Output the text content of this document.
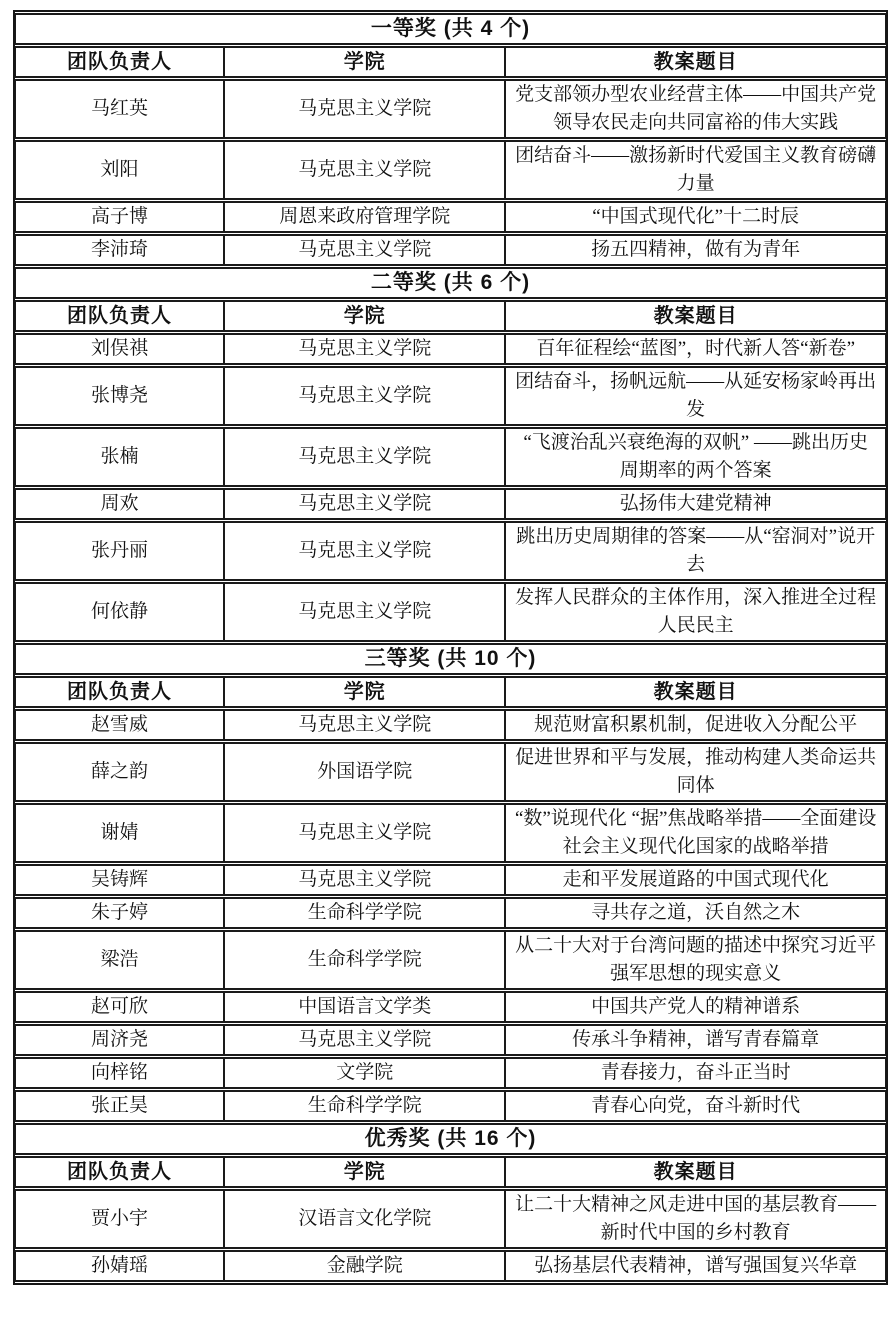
一等奖 (共 4 个)		
团队负责人	学院	教案题目
马红英	马克思主义学院	党支部领办型农业经营主体——中国共产党领导农民走向共同富裕的伟大实践
刘阳	马克思主义学院	团结奋斗——激扬新时代爱国主义教育磅礴力量
高子博	周恩来政府管理学院	“中国式现代化”十二时辰
李沛琦	马克思主义学院	扬五四精神，做有为青年
二等奖 (共 6 个)		
团队负责人	学院	教案题目
刘俣祺	马克思主义学院	百年征程绘“蓝图”，时代新人答“新卷”
张博尧	马克思主义学院	团结奋斗，扬帆远航——从延安杨家岭再出发
张楠	马克思主义学院	“飞渡治乱兴衰绝海的双帆” ——跳出历史周期率的两个答案
周欢	马克思主义学院	弘扬伟大建党精神
张丹丽	马克思主义学院	跳出历史周期律的答案——从“窑洞对”说开去
何依静	马克思主义学院	发挥人民群众的主体作用，深入推进全过程人民民主
三等奖 (共 10 个)		
团队负责人	学院	教案题目
赵雪威	马克思主义学院	规范财富积累机制，促进收入分配公平
薛之韵	外国语学院	促进世界和平与发展，推动构建人类命运共同体
谢婧	马克思主义学院	“数”说现代化 “据”焦战略举措——全面建设社会主义现代化国家的战略举措
吴铸辉	马克思主义学院	走和平发展道路的中国式现代化
朱子婷	生命科学学院	寻共存之道，沃自然之木
梁浩	生命科学学院	从二十大对于台湾问题的描述中探究习近平强军思想的现实意义
赵可欣	中国语言文学类	中国共产党人的精神谱系
周济尧	马克思主义学院	传承斗争精神，谱写青春篇章
向梓铭	文学院	青春接力，奋斗正当时
张正昊	生命科学学院	青春心向党，奋斗新时代
优秀奖 (共 16 个)		
团队负责人	学院	教案题目
贾小宇	汉语言文化学院	让二十大精神之风走进中国的基层教育——新时代中国的乡村教育
孙婧瑶	金融学院	弘扬基层代表精神，谱写强国复兴华章
